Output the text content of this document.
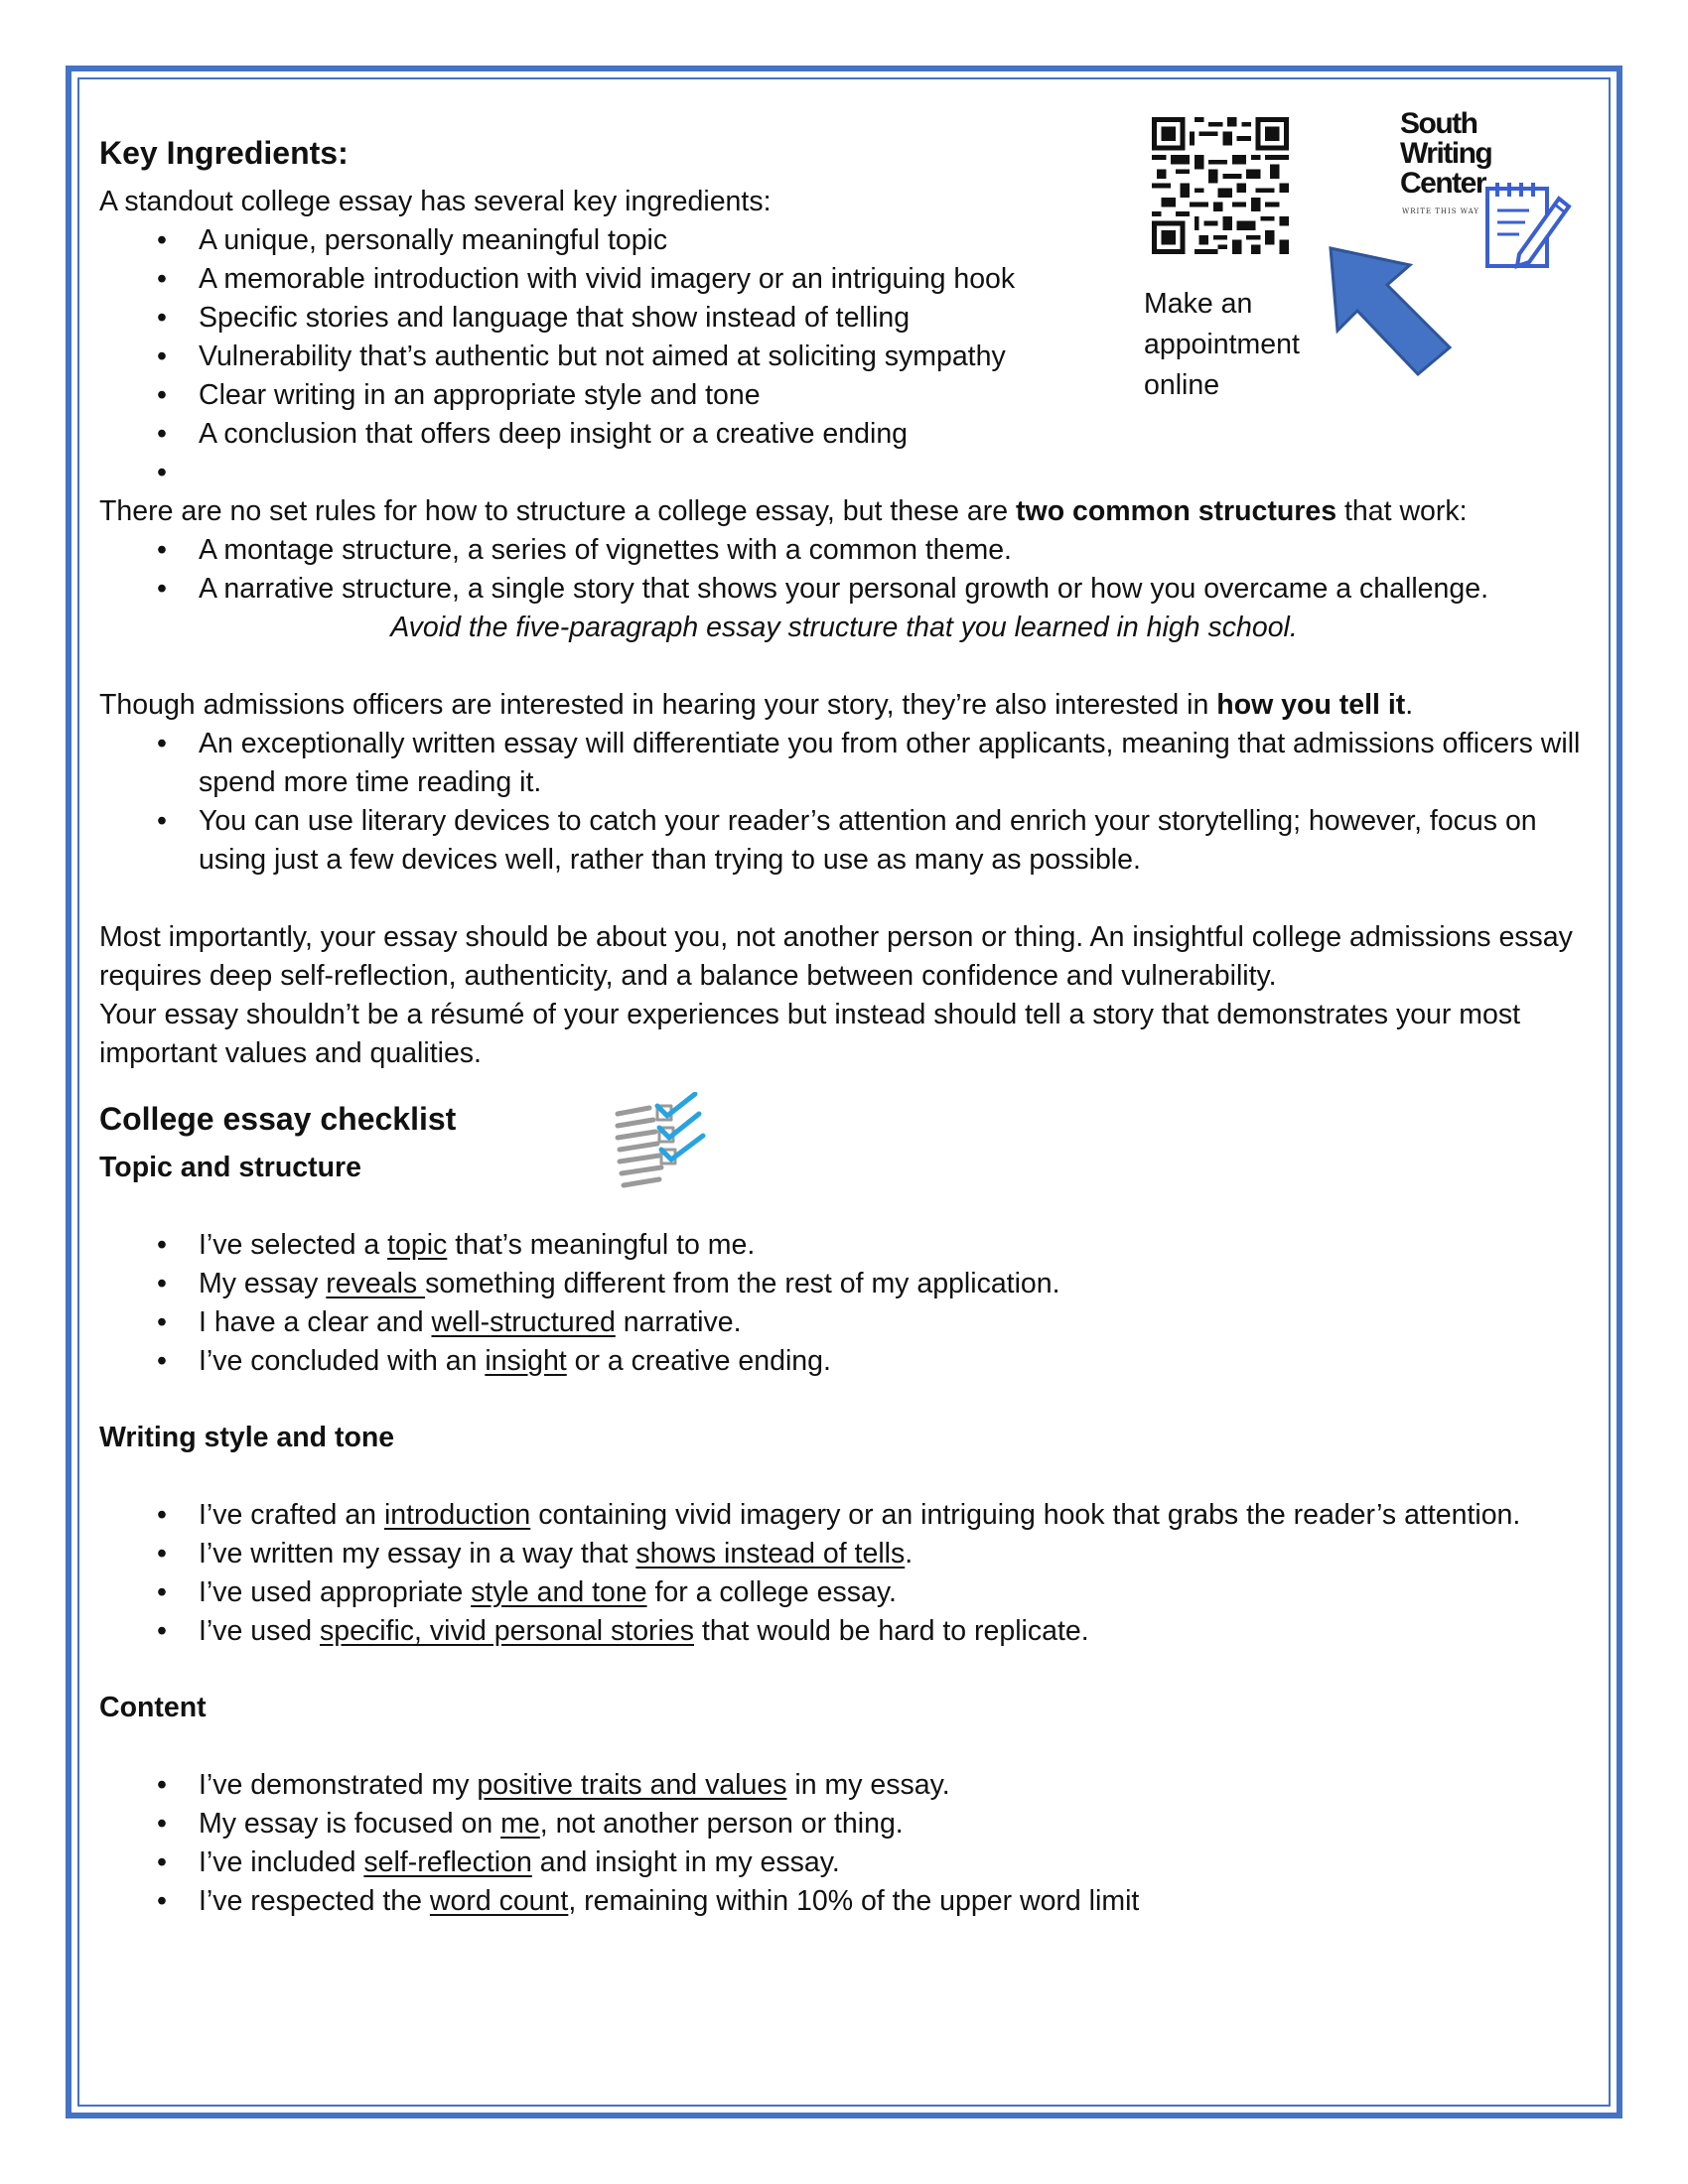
Make an
appointment
online
South
Writing
Center
WRITE THIS WAY
Key Ingredients:

A standout college essay has several key ingredients:

• A unique, personally meaningful topic
• A memorable introduction with vivid imagery or an intriguing hook
• Specific stories and language that show instead of telling
• Vulnerability that’s authentic but not aimed at soliciting sympathy
• Clear writing in an appropriate style and tone
• A conclusion that offers deep insight or a creative ending
•

There are no set rules for how to structure a college essay, but these are two common structures that work:

• A montage structure, a series of vignettes with a common theme.
• A narrative structure, a single story that shows your personal growth or how you overcame a challenge.

Avoid the five-paragraph essay structure that you learned in high school.

Though admissions officers are interested in hearing your story, they’re also interested in how you tell it.

• An exceptionally written essay will differentiate you from other applicants, meaning that admissions officers will spend more time reading it.
• You can use literary devices to catch your reader’s attention and enrich your storytelling; however, focus on using just a few devices well, rather than trying to use as many as possible.

Most importantly, your essay should be about you, not another person or thing. An insightful college admissions essay requires deep self-reflection, authenticity, and a balance between confidence and vulnerability.

Your essay shouldn’t be a résumé of your experiences but instead should tell a story that demonstrates your most important values and qualities.

College essay checklist
Topic and structure
• I’ve selected a topic that’s meaningful to me.
• My essay reveals something different from the rest of my application.
• I have a clear and well-structured narrative.
• I’ve concluded with an insight or a creative ending.
Writing style and tone
• I’ve crafted an introduction containing vivid imagery or an intriguing hook that grabs the reader’s attention.
• I’ve written my essay in a way that shows instead of tells.
• I’ve used appropriate style and tone for a college essay.
• I’ve used specific, vivid personal stories that would be hard to replicate.
Content
• I’ve demonstrated my positive traits and values in my essay.
• My essay is focused on me, not another person or thing.
• I’ve included self-reflection and insight in my essay.
• I’ve respected the word count, remaining within 10% of the upper word limit
